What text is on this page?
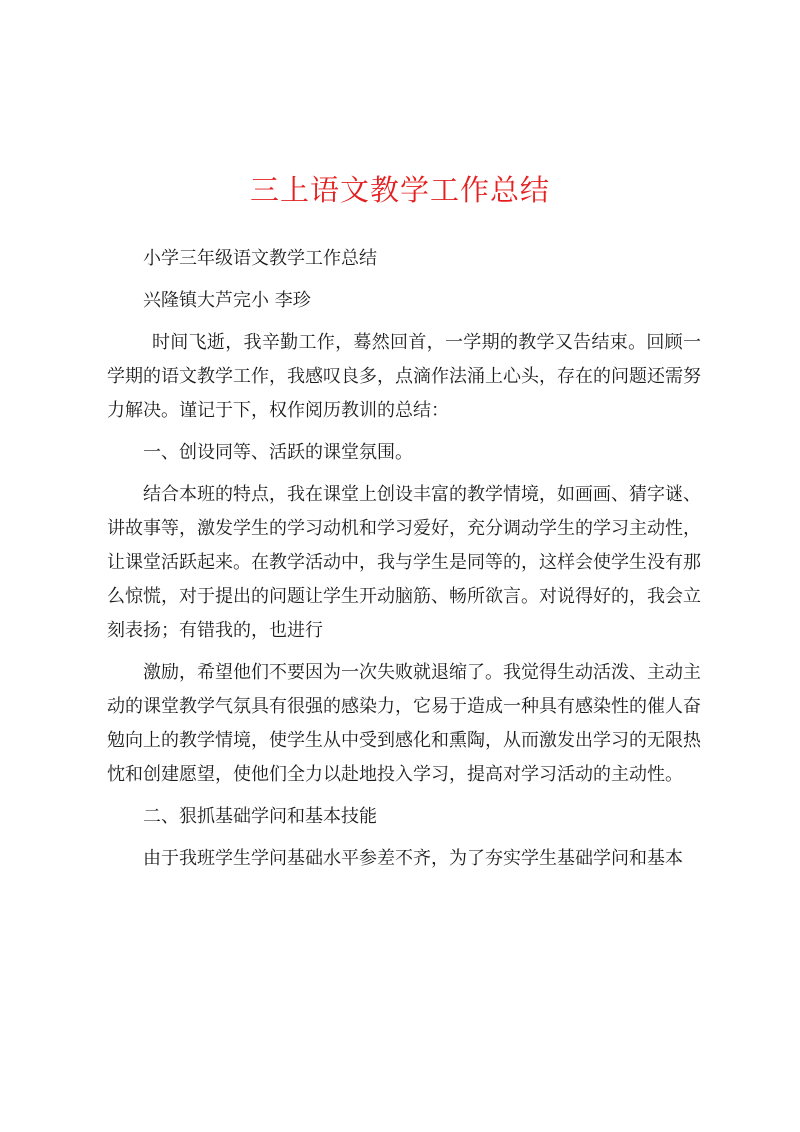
三上语文教学工作总结

小学三年级语文教学工作总结

兴隆镇大芦完小 李珍

时间飞逝，我辛勤工作，蓦然回首，一学期的教学又告结束。回顾一学期的语文教学工作，我感叹良多，点滴作法涌上心头，存在的问题还需努力解决。谨记于下，权作阅历教训的总结：

一、创设同等、活跃的课堂氛围。

结合本班的特点，我在课堂上创设丰富的教学情境，如画画、猜字谜、讲故事等，激发学生的学习动机和学习爱好，充分调动学生的学习主动性，让课堂活跃起来。在教学活动中，我与学生是同等的，这样会使学生没有那么惊慌，对于提出的问题让学生开动脑筋、畅所欲言。对说得好的，我会立刻表扬；有错我的，也进行

激励，希望他们不要因为一次失败就退缩了。我觉得生动活泼、主动主动的课堂教学气氛具有很强的感染力，它易于造成一种具有感染性的催人奋勉向上的教学情境，使学生从中受到感化和熏陶，从而激发出学习的无限热忱和创建愿望，使他们全力以赴地投入学习，提高对学习活动的主动性。

二、狠抓基础学问和基本技能

由于我班学生学问基础水平参差不齐，为了夯实学生基础学问和基本
